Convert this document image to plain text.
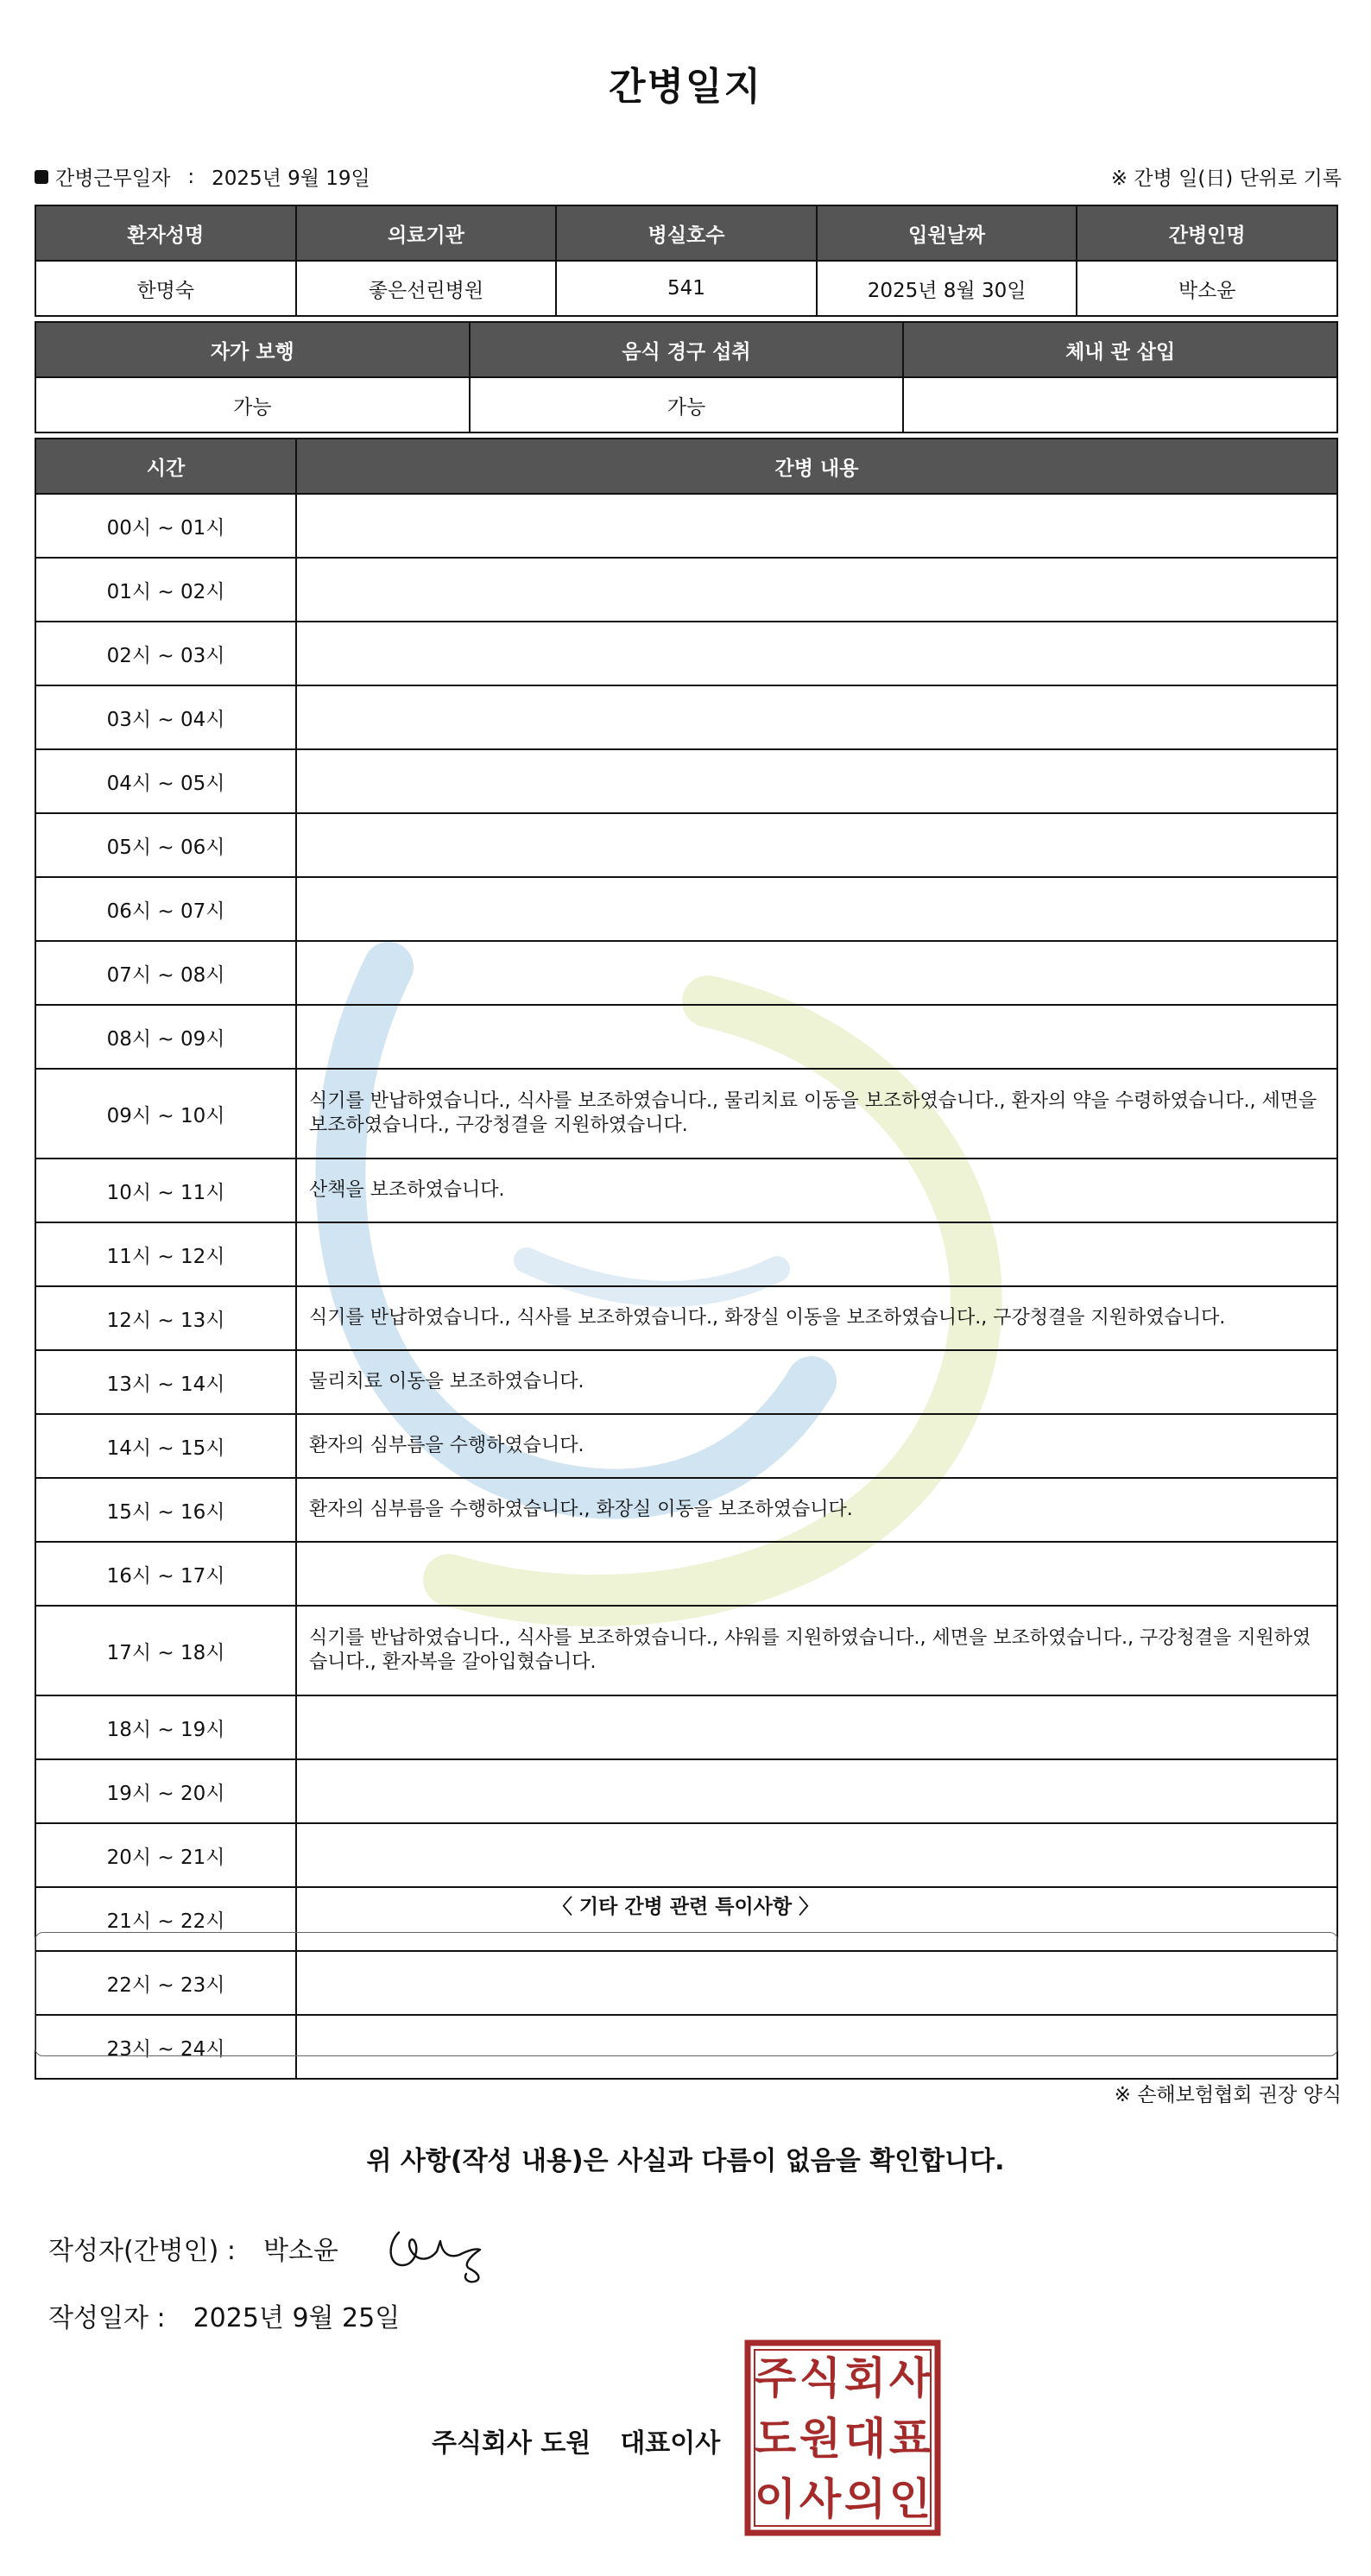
간병일지
간병근무일자 : 2025년 9월 19일	※ 간병 일(日) 단위로 기록
환자성명	의료기관	병실호수	입원날짜	간병인명
한명숙	좋은선린병원	541	2025년 8월 30일	박소윤
자가 보행	음식 경구 섭취	체내 관 삽입
가능	가능	
시간	간병 내용
00시 ~ 01시	
01시 ~ 02시	
02시 ~ 03시	
03시 ~ 04시	
04시 ~ 05시	
05시 ~ 06시	
06시 ~ 07시	
07시 ~ 08시	
08시 ~ 09시	
09시 ~ 10시	식기를 반납하였습니다., 식사를 보조하였습니다., 물리치료 이동을 보조하였습니다., 환자의 약을 수령하였습니다., 세면을 보조하였습니다., 구강청결을 지원하였습니다.
10시 ~ 11시	산책을 보조하였습니다.
11시 ~ 12시	
12시 ~ 13시	식기를 반납하였습니다., 식사를 보조하였습니다., 화장실 이동을 보조하였습니다., 구강청결을 지원하였습니다.
13시 ~ 14시	물리치료 이동을 보조하였습니다.
14시 ~ 15시	환자의 심부름을 수행하였습니다.
15시 ~ 16시	환자의 심부름을 수행하였습니다., 화장실 이동을 보조하였습니다.
16시 ~ 17시	
17시 ~ 18시	식기를 반납하였습니다., 식사를 보조하였습니다., 샤워를 지원하였습니다., 세면을 보조하였습니다., 구강청결을 지원하였습니다., 환자복을 갈아입혔습니다.
18시 ~ 19시	
19시 ~ 20시	
20시 ~ 21시	
21시 ~ 22시	
22시 ~ 23시	
23시 ~ 24시	
〈 기타 간병 관련 특이사항 〉
※ 손해보험협회 권장 양식
위 사항(작성 내용)은 사실과 다름이 없음을 확인합니다.
작성자(간병인) : 박소윤
작성일자 : 2025년 9월 25일
주식회사 도원 대표이사
주 식 회 사
도 원 대 표
이 사 의 인
